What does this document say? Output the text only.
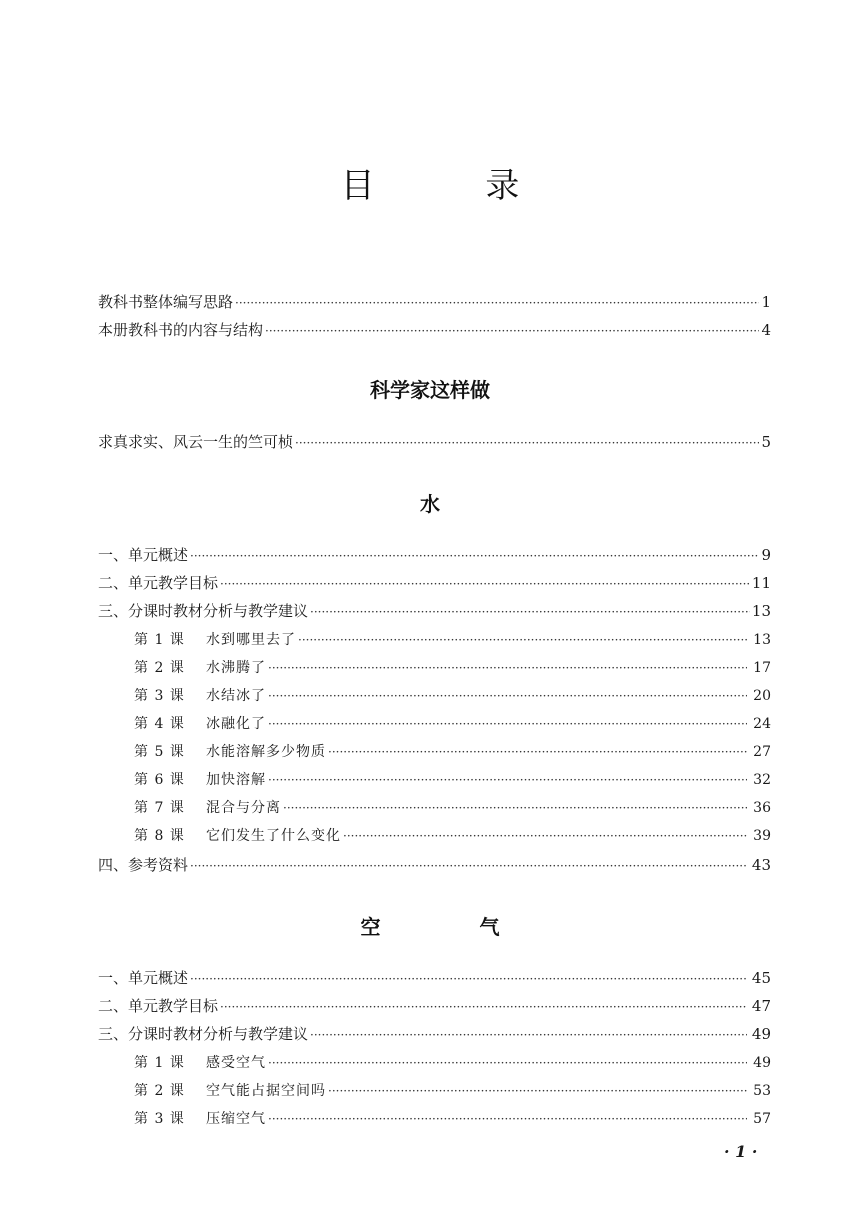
目 录
教科书整体编写思路 ·····	1
本册教科书的内容与结构 ·····	4
科学家这样做
求真求实、风云一生的竺可桢 ·····	5
水
一、单元概述 ·····	9
二、单元教学目标 ·····	11
三、分课时教材分析与教学建议 ·····	13
第 1 课	水到哪里去了 ·····	13
第 2 课	水沸腾了 ·····	17
第 3 课	水结冰了 ·····	20
第 4 课	冰融化了 ·····	24
第 5 课	水能溶解多少物质 ·····	27
第 6 课	加快溶解 ·····	32
第 7 课	混合与分离 ·····	36
第 8 课	它们发生了什么变化 ·····	39
四、参考资料 ·····	43
空 气
一、单元概述 ·····	45
二、单元教学目标 ·····	47
三、分课时教材分析与教学建议 ·····	49
第 1 课	感受空气 ·····	49
第 2 课	空气能占据空间吗 ·····	53
第 3 课	压缩空气 ·····	57
· 1 ·
